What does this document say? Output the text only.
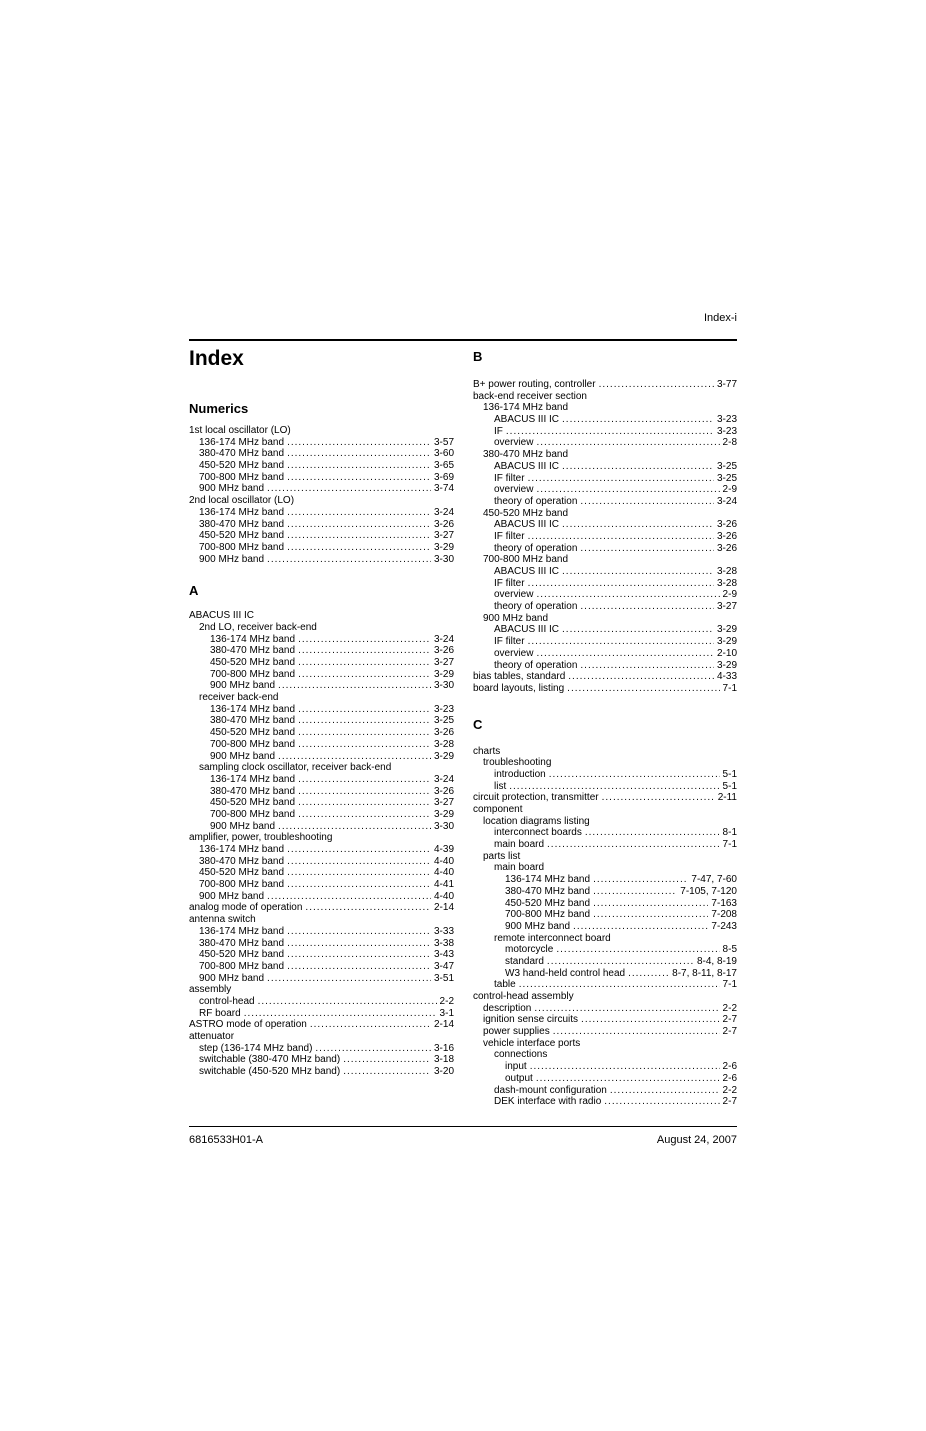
Index-i
Index
Numerics
1st local oscillator (LO)
136-174 MHz band .....	3-57
380-470 MHz band .....	3-60
450-520 MHz band .....	3-65
700-800 MHz band .....	3-69
900 MHz band .....	3-74
2nd local oscillator (LO)
136-174 MHz band .....	3-24
380-470 MHz band .....	3-26
450-520 MHz band .....	3-27
700-800 MHz band .....	3-29
900 MHz band .....	3-30
A
ABACUS III IC
2nd LO, receiver back-end
136-174 MHz band .....	3-24
380-470 MHz band .....	3-26
450-520 MHz band .....	3-27
700-800 MHz band .....	3-29
900 MHz band .....	3-30
receiver back-end
136-174 MHz band .....	3-23
380-470 MHz band .....	3-25
450-520 MHz band .....	3-26
700-800 MHz band .....	3-28
900 MHz band .....	3-29
sampling clock oscillator, receiver back-end
136-174 MHz band .....	3-24
380-470 MHz band .....	3-26
450-520 MHz band .....	3-27
700-800 MHz band .....	3-29
900 MHz band .....	3-30
amplifier, power, troubleshooting
136-174 MHz band .....	4-39
380-470 MHz band .....	4-40
450-520 MHz band .....	4-40
700-800 MHz band .....	4-41
900 MHz band .....	4-40
analog mode of operation .....	2-14
antenna switch
136-174 MHz band .....	3-33
380-470 MHz band .....	3-38
450-520 MHz band .....	3-43
700-800 MHz band .....	3-47
900 MHz band .....	3-51
assembly
control-head .....	2-2
RF board .....	3-1
ASTRO mode of operation .....	2-14
attenuator
step (136-174 MHz band) .....	3-16
switchable (380-470 MHz band) .....	3-18
switchable (450-520 MHz band) .....	3-20
B
B+ power routing, controller .....	3-77
back-end receiver section
136-174 MHz band
ABACUS III IC .....	3-23
IF .....	3-23
overview .....	2-8
380-470 MHz band
ABACUS III IC .....	3-25
IF filter .....	3-25
overview .....	2-9
theory of operation .....	3-24
450-520 MHz band
ABACUS III IC .....	3-26
IF filter .....	3-26
theory of operation .....	3-26
700-800 MHz band
ABACUS III IC .....	3-28
IF filter .....	3-28
overview .....	2-9
theory of operation .....	3-27
900 MHz band
ABACUS III IC .....	3-29
IF filter .....	3-29
overview .....	2-10
theory of operation .....	3-29
bias tables, standard .....	4-33
board layouts, listing .....	7-1
C
charts
troubleshooting
introduction .....	5-1
list .....	5-1
circuit protection, transmitter .....	2-11
component
location diagrams listing
interconnect boards .....	8-1
main board .....	7-1
parts list
main board
136-174 MHz band .....	7-47, 7-60
380-470 MHz band .....	7-105, 7-120
450-520 MHz band .....	7-163
700-800 MHz band .....	7-208
900 MHz band .....	7-243
remote interconnect board
motorcycle .....	8-5
standard .....	8-4, 8-19
W3 hand-held control head .....	8-7, 8-11, 8-17
table .....	7-1
control-head assembly
description .....	2-2
ignition sense circuits .....	2-7
power supplies .....	2-7
vehicle interface ports
connections
input .....	2-6
output .....	2-6
dash-mount configuration .....	2-2
DEK interface with radio .....	2-7
6816533H01-A	August 24, 2007
